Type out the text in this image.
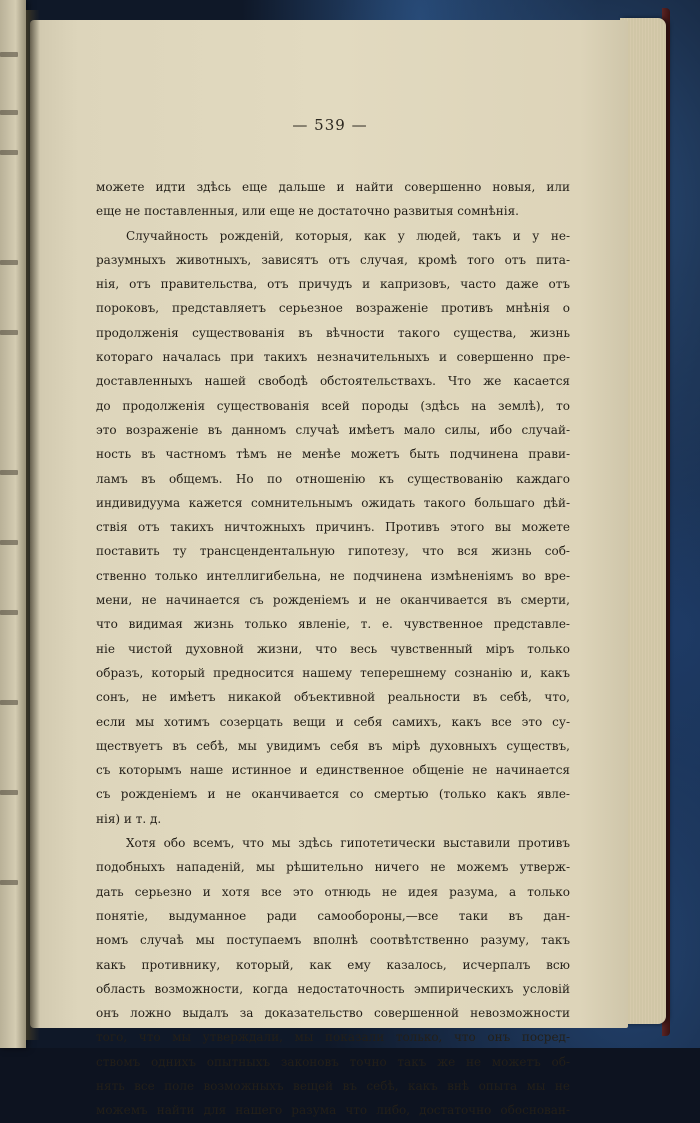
— 539 —
можете идти здѣсь еще дальше и найти совершенно новыя, или
еще не поставленныя, или еще не достаточно развитыя сомнѣнія.
Случайность рожденій, которыя, как у людей, такъ и у не-
разумныхъ животныхъ, зависятъ отъ случая, кромѣ того отъ пита-
нія, отъ правительства, отъ причудъ и капризовъ, часто даже отъ
пороковъ, представляетъ серьезное возраженіе противъ мнѣнія о
продолженія существованія въ вѣчности такого существа, жизнь
котораго началась при такихъ незначительныхъ и совершенно пре-
доставленныхъ нашей свободѣ обстоятельствахъ. Что же касается
до продолженія существованія всей породы (здѣсь на землѣ), то
это возраженіе въ данномъ случаѣ имѣетъ мало силы, ибо случай-
ность въ частномъ тѣмъ не менѣе можетъ быть подчинена прави-
ламъ въ общемъ. Но по отношенію къ существованію каждаго
индивидуума кажется сомнительнымъ ожидать такого большаго дѣй-
ствія отъ такихъ ничтожныхъ причинъ. Противъ этого вы можете
поставить ту трансцендентальную гипотезу, что вся жизнь соб-
ственно только интеллигибельна, не подчинена измѣненіямъ во вре-
мени, не начинается съ рожденіемъ и не оканчивается въ смерти,
что видимая жизнь только явленіе, т. е. чувственное представле-
ніе чистой духовной жизни, что весь чувственный міръ только
образъ, который предносится нашему теперешнему сознанію и, какъ
сонъ, не имѣетъ никакой объективной реальности въ себѣ, что,
если мы хотимъ созерцать вещи и себя самихъ, какъ все это су-
ществуетъ въ себѣ, мы увидимъ себя въ мірѣ духовныхъ существъ,
съ которымъ наше истинное и единственное общеніе не начинается
съ рожденіемъ и не оканчивается со смертью (только какъ явле-
нія) и т. д.
Хотя обо всемъ, что мы здѣсь гипотетически выставили противъ
подобныхъ нападеній, мы рѣшительно ничего не можемъ утверж-
дать серьезно и хотя все это отнюдь не идея разума, а только
понятіе, выдуманное ради самообороны,—все таки въ дан-
номъ случаѣ мы поступаемъ вполнѣ соотвѣтственно разуму, такъ
какъ противнику, который, как ему казалось, исчерпалъ всю
область возможности, когда недостаточность эмпирическихъ условій
онъ ложно выдалъ за доказательство совершенной невозможности
того, что мы утверждали, мы показали только, что онъ посред-
ствомъ однихъ опытныхъ законовъ точно такъ же не можетъ об-
нять все поле возможныхъ вещей въ себѣ, какъ внѣ опыта мы не
можемъ найти для нашего разума что либо, достаточно обоснован-
